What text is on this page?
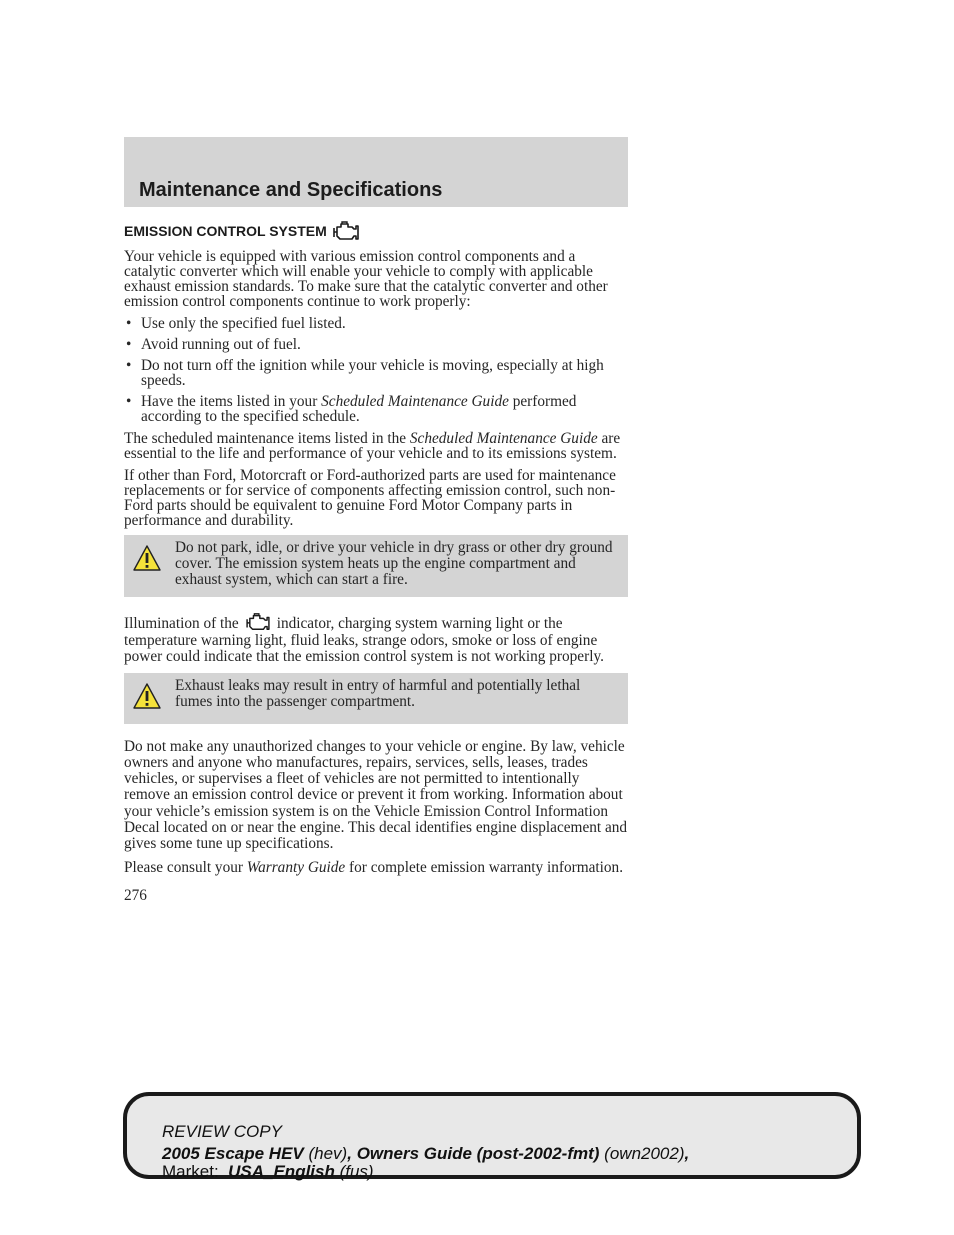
Maintenance and Specifications
EMISSION CONTROL SYSTEM

Your vehicle is equipped with various emission control components and a catalytic converter which will enable your vehicle to comply with applicable exhaust emission standards. To make sure that the catalytic converter and other emission control components continue to work properly:

• Use only the specified fuel listed.
• Avoid running out of fuel.
• Do not turn off the ignition while your vehicle is moving, especially at high speeds.
• Have the items listed in your Scheduled Maintenance Guide performed according to the specified schedule.

The scheduled maintenance items listed in the Scheduled Maintenance Guide are essential to the life and performance of your vehicle and to its emissions system.

If other than Ford, Motorcraft or Ford-authorized parts are used for maintenance replacements or for service of components affecting emission control, such non-Ford parts should be equivalent to genuine Ford Motor Company parts in performance and durability.

Do not park, idle, or drive your vehicle in dry grass or other dry ground cover. The emission system heats up the engine compartment and exhaust system, which can start a fire.

Illumination of the indicator, charging system warning light or the temperature warning light, fluid leaks, strange odors, smoke or loss of engine power could indicate that the emission control system is not working properly.

Exhaust leaks may result in entry of harmful and potentially lethal fumes into the passenger compartment.

Do not make any unauthorized changes to your vehicle or engine. By law, vehicle owners and anyone who manufactures, repairs, services, sells, leases, trades vehicles, or supervises a fleet of vehicles are not permitted to intentionally remove an emission control device or prevent it from working. Information about your vehicle’s emission system is on the Vehicle Emission Control Information Decal located on or near the engine. This decal identifies engine displacement and gives some tune up specifications.

Please consult your Warranty Guide for complete emission warranty information.

276
REVIEW COPY
2005 Escape HEV (hev), Owners Guide (post-2002-fmt) (own2002),
Market:  USA_English (fus)
